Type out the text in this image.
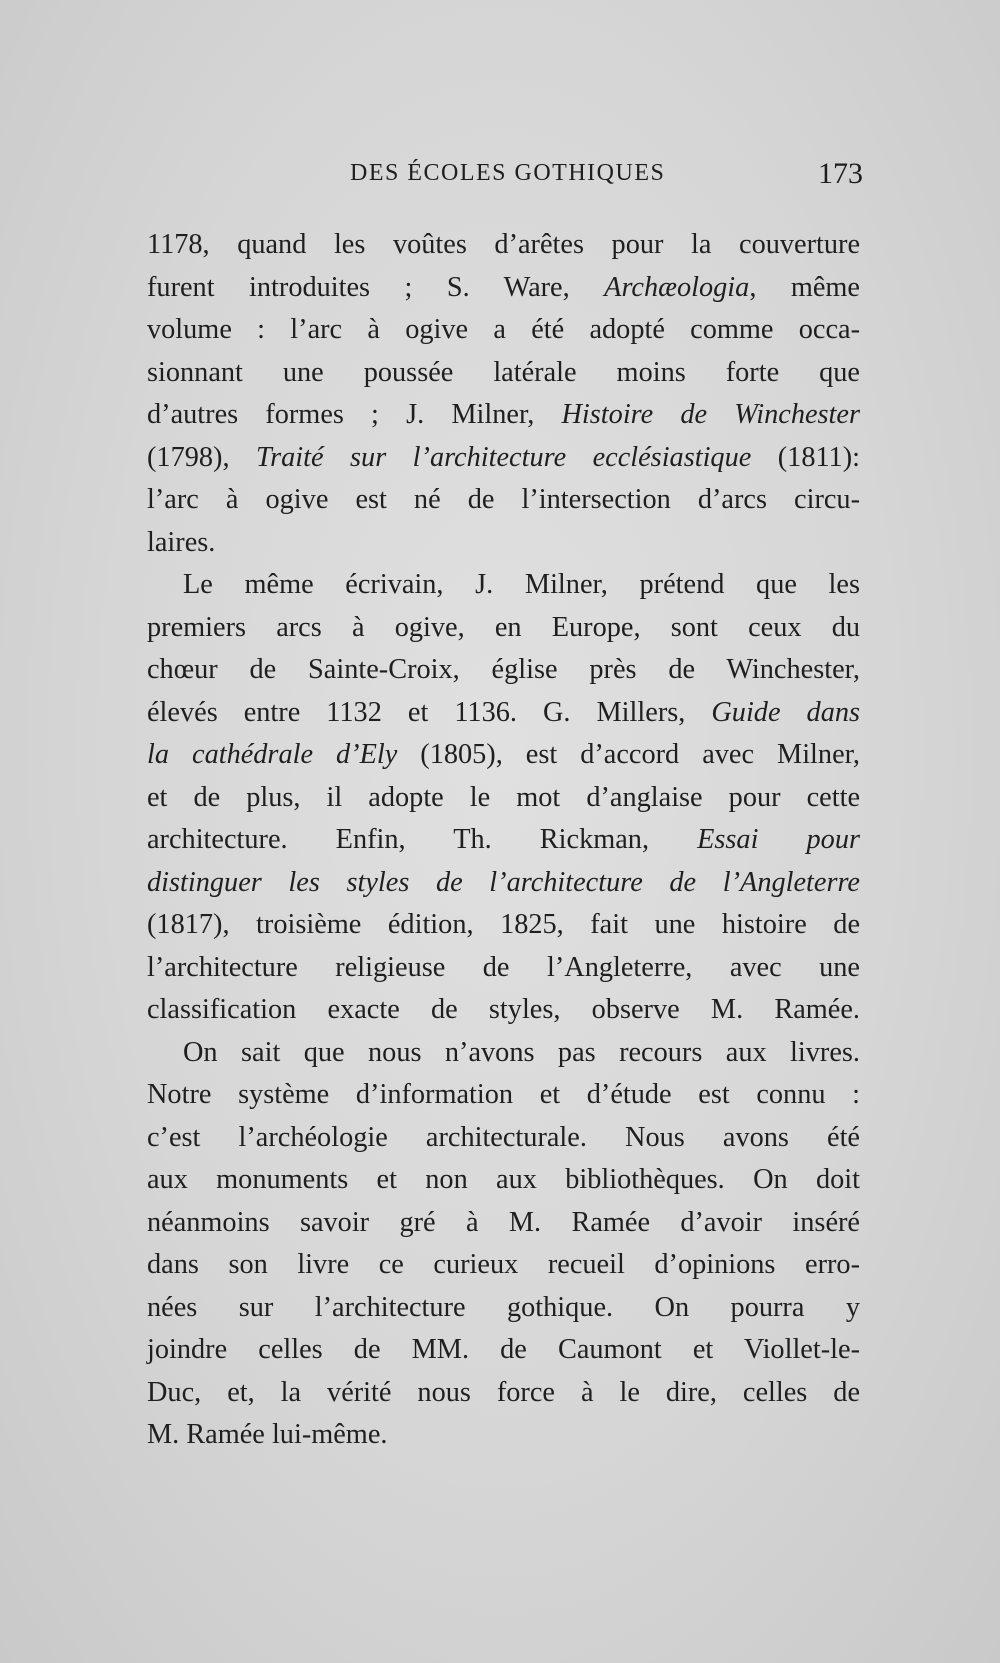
DES ÉCOLES GOTHIQUES	173
1178, quand les voûtes d’arêtes pour la couverture
furent introduites ; S. Ware, Archæologia, même
volume : l’arc à ogive a été adopté comme occa-
sionnant une poussée latérale moins forte que
d’autres formes ; J. Milner, Histoire de Winchester
(1798), Traité sur l’architecture ecclésiastique (1811):
l’arc à ogive est né de l’intersection d’arcs circu-
laires.
Le même écrivain, J. Milner, prétend que les
premiers arcs à ogive, en Europe, sont ceux du
chœur de Sainte-Croix, église près de Winchester,
élevés entre 1132 et 1136. G. Millers, Guide dans
la cathédrale d’Ely (1805), est d’accord avec Milner,
et de plus, il adopte le mot d’anglaise pour cette
architecture. Enfin, Th. Rickman, Essai pour
distinguer les styles de l’architecture de l’Angleterre
(1817), troisième édition, 1825, fait une histoire de
l’architecture religieuse de l’Angleterre, avec une
classification exacte de styles, observe M. Ramée.
On sait que nous n’avons pas recours aux livres.
Notre système d’information et d’étude est connu :
c’est l’archéologie architecturale. Nous avons été
aux monuments et non aux bibliothèques. On doit
néanmoins savoir gré à M. Ramée d’avoir inséré
dans son livre ce curieux recueil d’opinions erro-
nées sur l’architecture gothique. On pourra y
joindre celles de MM. de Caumont et Viollet-le-
Duc, et, la vérité nous force à le dire, celles de
M. Ramée lui-même.
